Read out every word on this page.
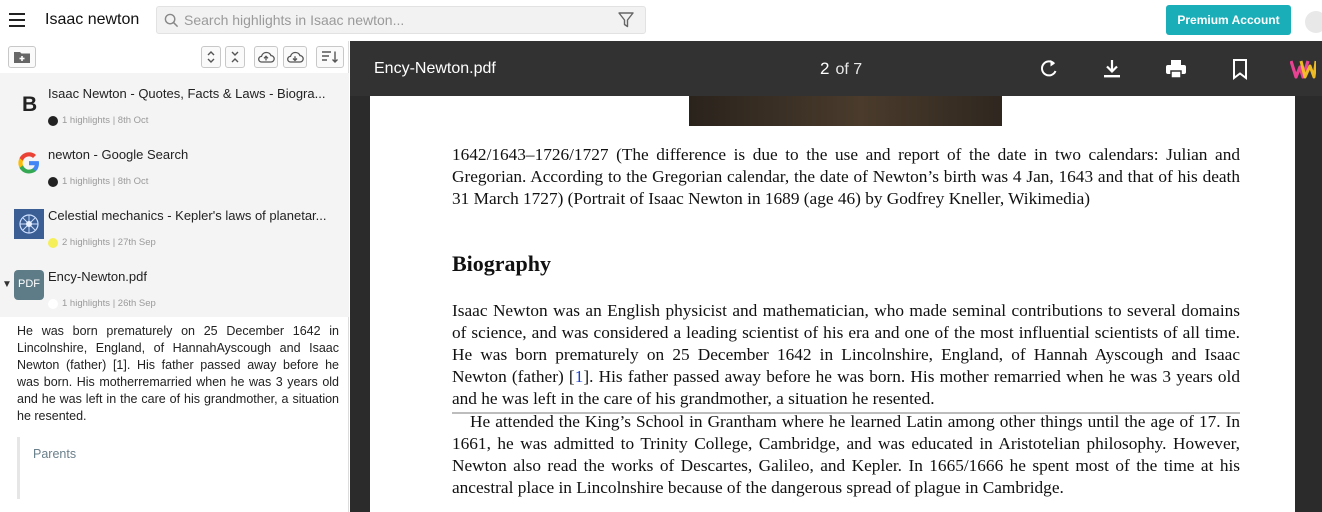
Isaac newton
Search highlights in Isaac newton...	Premium Account
B Isaac Newton - Quotes, Facts & Laws - Biogra...
1 highlights | 8th Oct
newton - Google Search
1 highlights | 8th Oct
Celestial mechanics - Kepler's laws of planetar...
2 highlights | 27th Sep
▼ PDF Ency-Newton.pdf
1 highlights | 26th Sep
He was born prematurely on 25 December 1642 in Lincolnshire, England, of HannahAyscough and Isaac Newton (father) [1]. His father passed away before he was born. His motherremarried when he was 3 years old and he was left in the care of his grandmother, a situation he resented.
Parents
Ency-Newton.pdf	2 of 7
1642/1643–1726/1727 (The difference is due to the use and report of the date in two calendars: Julian and Gregorian. According to the Gregorian calendar, the date of Newton’s birth was 4 Jan, 1643 and that of his death 31 March 1727) (Portrait of Isaac Newton in 1689 (age 46) by Godfrey Kneller, Wikimedia)
Biography
Isaac Newton was an English physicist and mathematician, who made seminal contributions to several domains of science, and was considered a leading scientist of his era and one of the most influential scientists of all time. He was born prematurely on 25 December 1642 in Lincolnshire, England, of Hannah Ayscough and Isaac Newton (father) [1]. His father passed away before he was born. His mother remarried when he was 3 years old and he was left in the care of his grandmother, a situation he resented.
He attended the King’s School in Grantham where he learned Latin among other things until the age of 17. In 1661, he was admitted to Trinity College, Cambridge, and was educated in Aristotelian philosophy. However, Newton also read the works of Descartes, Galileo, and Kepler. In 1665/1666 he spent most of the time at his ancestral place in Lincolnshire because of the dangerous spread of plague in Cambridge.
